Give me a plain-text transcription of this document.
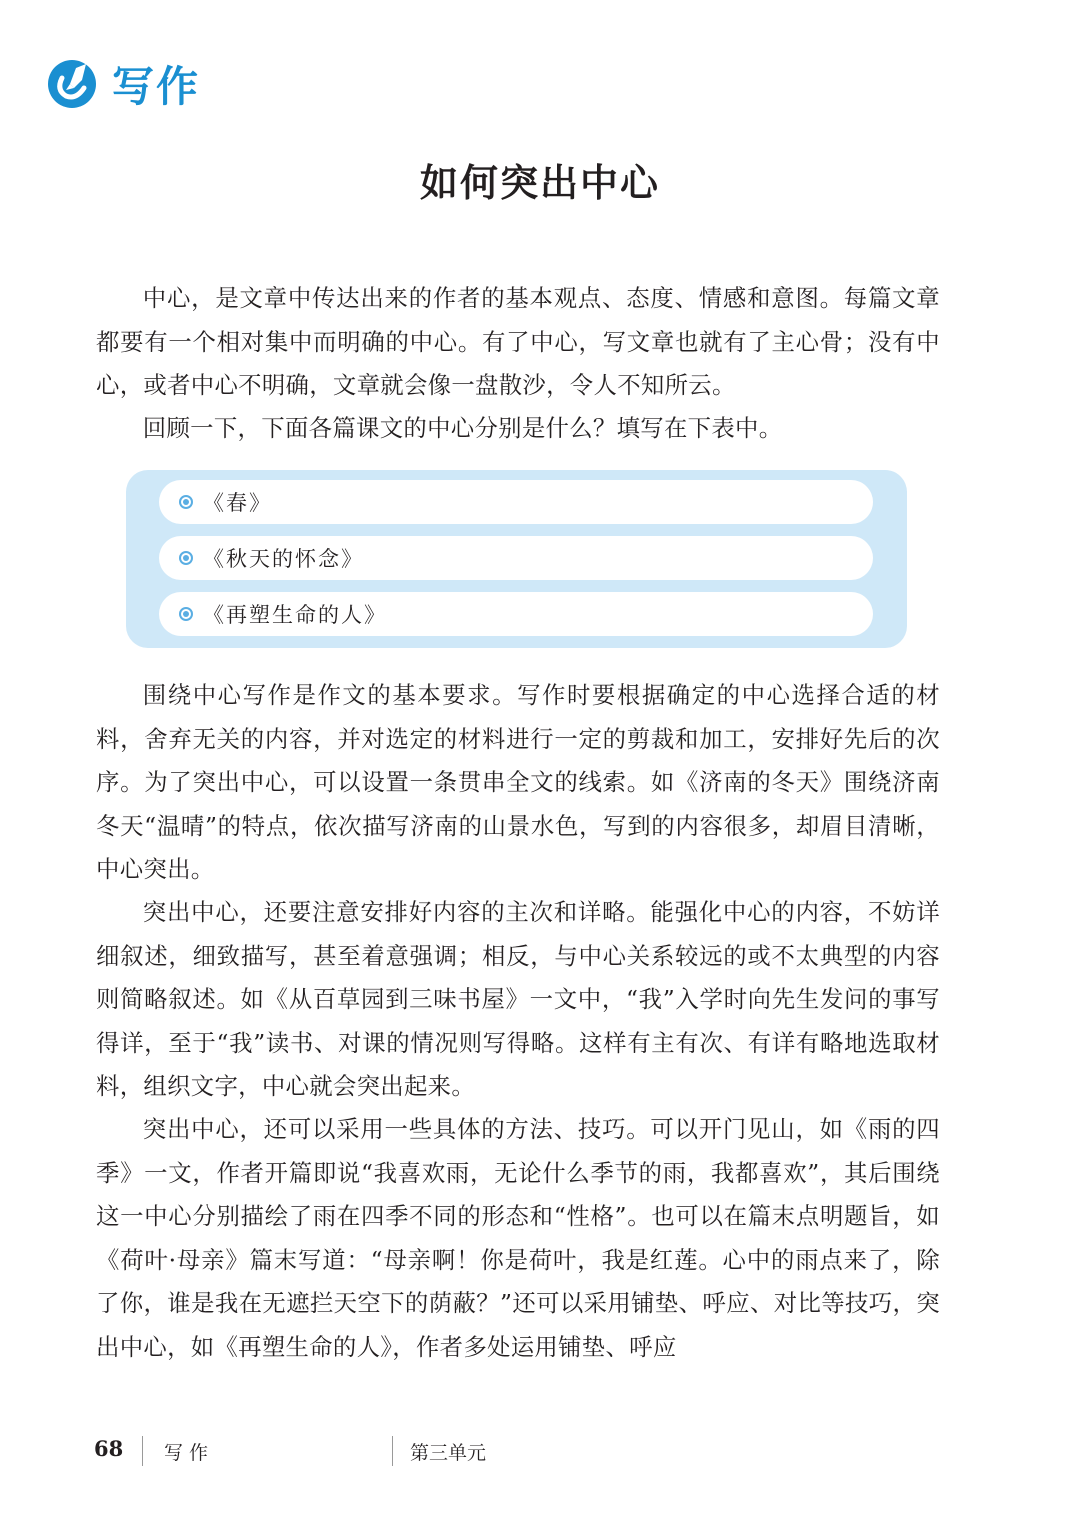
写作
如何突出中心

中心，是文章中传达出来的作者的基本观点、态度、情感和意图。每篇文章都要有一个相对集中而明确的中心。有了中心，写文章也就有了主心骨；没有中心，或者中心不明确，文章就会像一盘散沙，令人不知所云。

回顾一下，下面各篇课文的中心分别是什么？填写在下表中。

《春》
《秋天的怀念》
《再塑生命的人》

围绕中心写作是作文的基本要求。写作时要根据确定的中心选择合适的材料，舍弃无关的内容，并对选定的材料进行一定的剪裁和加工，安排好先后的次序。为了突出中心，可以设置一条贯串全文的线索。如《济南的冬天》围绕济南冬天“温晴”的特点，依次描写济南的山景水色，写到的内容很多，却眉目清晰，中心突出。

突出中心，还要注意安排好内容的主次和详略。能强化中心的内容，不妨详细叙述，细致描写，甚至着意强调；相反，与中心关系较远的或不太典型的内容则简略叙述。如《从百草园到三味书屋》一文中，“我”入学时向先生发问的事写得详，至于“我”读书、对课的情况则写得略。这样有主有次、有详有略地选取材料，组织文字，中心就会突出起来。

突出中心，还可以采用一些具体的方法、技巧。可以开门见山，如《雨的四季》一文，作者开篇即说“我喜欢雨，无论什么季节的雨，我都喜欢”，其后围绕这一中心分别描绘了雨在四季不同的形态和“性格”。也可以在篇末点明题旨，如《荷叶·母亲》篇末写道：“母亲啊！你是荷叶，我是红莲。心中的雨点来了，除了你，谁是我在无遮拦天空下的荫蔽？”还可以采用铺垫、呼应、对比等技巧，突出中心，如《再塑生命的人》，作者多处运用铺垫、呼应

68 写作	第三单元
